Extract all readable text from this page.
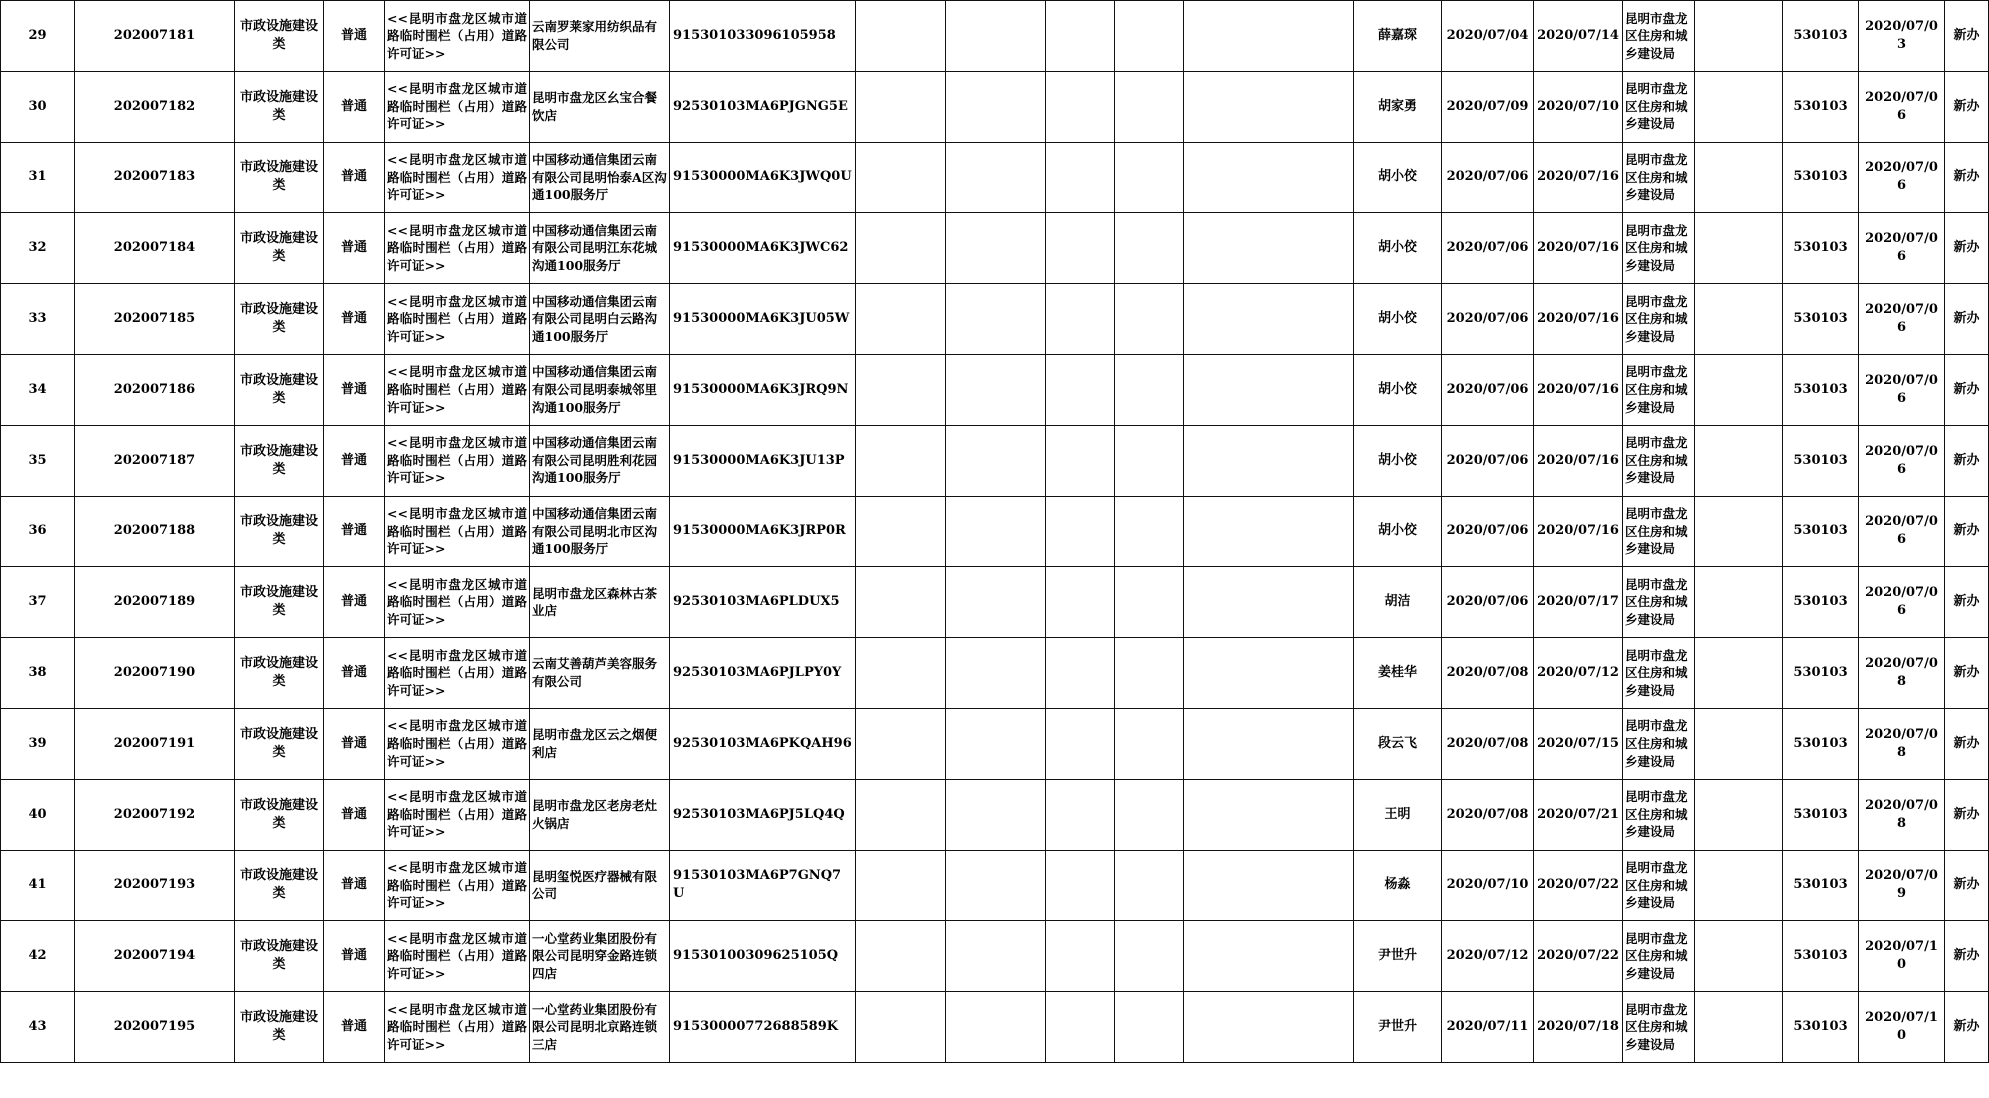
29	202007181	市政设施建设类	普通	<<昆明市盘龙区城市道路临时围栏（占用）道路许可证>>	云南罗莱家用纺织品有限公司	915301033096105958						薛嘉琛	2020/07/04	2020/07/14	昆明市盘龙区住房和城乡建设局		530103	2020/07/03	新办
30	202007182	市政设施建设类	普通	<<昆明市盘龙区城市道路临时围栏（占用）道路许可证>>	昆明市盘龙区幺宝合餐饮店	92530103MA6PJGNG5E						胡家勇	2020/07/09	2020/07/10	昆明市盘龙区住房和城乡建设局		530103	2020/07/06	新办
31	202007183	市政设施建设类	普通	<<昆明市盘龙区城市道路临时围栏（占用）道路许可证>>	中国移动通信集团云南有限公司昆明怡泰A区沟通100服务厅	91530000MA6K3JWQ0U						胡小佼	2020/07/06	2020/07/16	昆明市盘龙区住房和城乡建设局		530103	2020/07/06	新办
32	202007184	市政设施建设类	普通	<<昆明市盘龙区城市道路临时围栏（占用）道路许可证>>	中国移动通信集团云南有限公司昆明江东花城沟通100服务厅	91530000MA6K3JWC62						胡小佼	2020/07/06	2020/07/16	昆明市盘龙区住房和城乡建设局		530103	2020/07/06	新办
33	202007185	市政设施建设类	普通	<<昆明市盘龙区城市道路临时围栏（占用）道路许可证>>	中国移动通信集团云南有限公司昆明白云路沟通100服务厅	91530000MA6K3JU05W						胡小佼	2020/07/06	2020/07/16	昆明市盘龙区住房和城乡建设局		530103	2020/07/06	新办
34	202007186	市政设施建设类	普通	<<昆明市盘龙区城市道路临时围栏（占用）道路许可证>>	中国移动通信集团云南有限公司昆明泰城邻里沟通100服务厅	91530000MA6K3JRQ9N						胡小佼	2020/07/06	2020/07/16	昆明市盘龙区住房和城乡建设局		530103	2020/07/06	新办
35	202007187	市政设施建设类	普通	<<昆明市盘龙区城市道路临时围栏（占用）道路许可证>>	中国移动通信集团云南有限公司昆明胜利花园沟通100服务厅	91530000MA6K3JU13P						胡小佼	2020/07/06	2020/07/16	昆明市盘龙区住房和城乡建设局		530103	2020/07/06	新办
36	202007188	市政设施建设类	普通	<<昆明市盘龙区城市道路临时围栏（占用）道路许可证>>	中国移动通信集团云南有限公司昆明北市区沟通100服务厅	91530000MA6K3JRP0R						胡小佼	2020/07/06	2020/07/16	昆明市盘龙区住房和城乡建设局		530103	2020/07/06	新办
37	202007189	市政设施建设类	普通	<<昆明市盘龙区城市道路临时围栏（占用）道路许可证>>	昆明市盘龙区森林古茶业店	92530103MA6PLDUX5						胡洁	2020/07/06	2020/07/17	昆明市盘龙区住房和城乡建设局		530103	2020/07/06	新办
38	202007190	市政设施建设类	普通	<<昆明市盘龙区城市道路临时围栏（占用）道路许可证>>	云南艾善葫芦美容服务有限公司	92530103MA6PJLPY0Y						姜桂华	2020/07/08	2020/07/12	昆明市盘龙区住房和城乡建设局		530103	2020/07/08	新办
39	202007191	市政设施建设类	普通	<<昆明市盘龙区城市道路临时围栏（占用）道路许可证>>	昆明市盘龙区云之烟便利店	92530103MA6PKQAH96						段云飞	2020/07/08	2020/07/15	昆明市盘龙区住房和城乡建设局		530103	2020/07/08	新办
40	202007192	市政设施建设类	普通	<<昆明市盘龙区城市道路临时围栏（占用）道路许可证>>	昆明市盘龙区老房老灶火锅店	92530103MA6PJ5LQ4Q						王明	2020/07/08	2020/07/21	昆明市盘龙区住房和城乡建设局		530103	2020/07/08	新办
41	202007193	市政设施建设类	普通	<<昆明市盘龙区城市道路临时围栏（占用）道路许可证>>	昆明玺悦医疗器械有限公司	91530103MA6P7GNQ7U						杨淼	2020/07/10	2020/07/22	昆明市盘龙区住房和城乡建设局		530103	2020/07/09	新办
42	202007194	市政设施建设类	普通	<<昆明市盘龙区城市道路临时围栏（占用）道路许可证>>	一心堂药业集团股份有限公司昆明穿金路连锁四店	91530100309625105Q						尹世升	2020/07/12	2020/07/22	昆明市盘龙区住房和城乡建设局		530103	2020/07/10	新办
43	202007195	市政设施建设类	普通	<<昆明市盘龙区城市道路临时围栏（占用）道路许可证>>	一心堂药业集团股份有限公司昆明北京路连锁三店	91530000772688589K						尹世升	2020/07/11	2020/07/18	昆明市盘龙区住房和城乡建设局		530103	2020/07/10	新办
